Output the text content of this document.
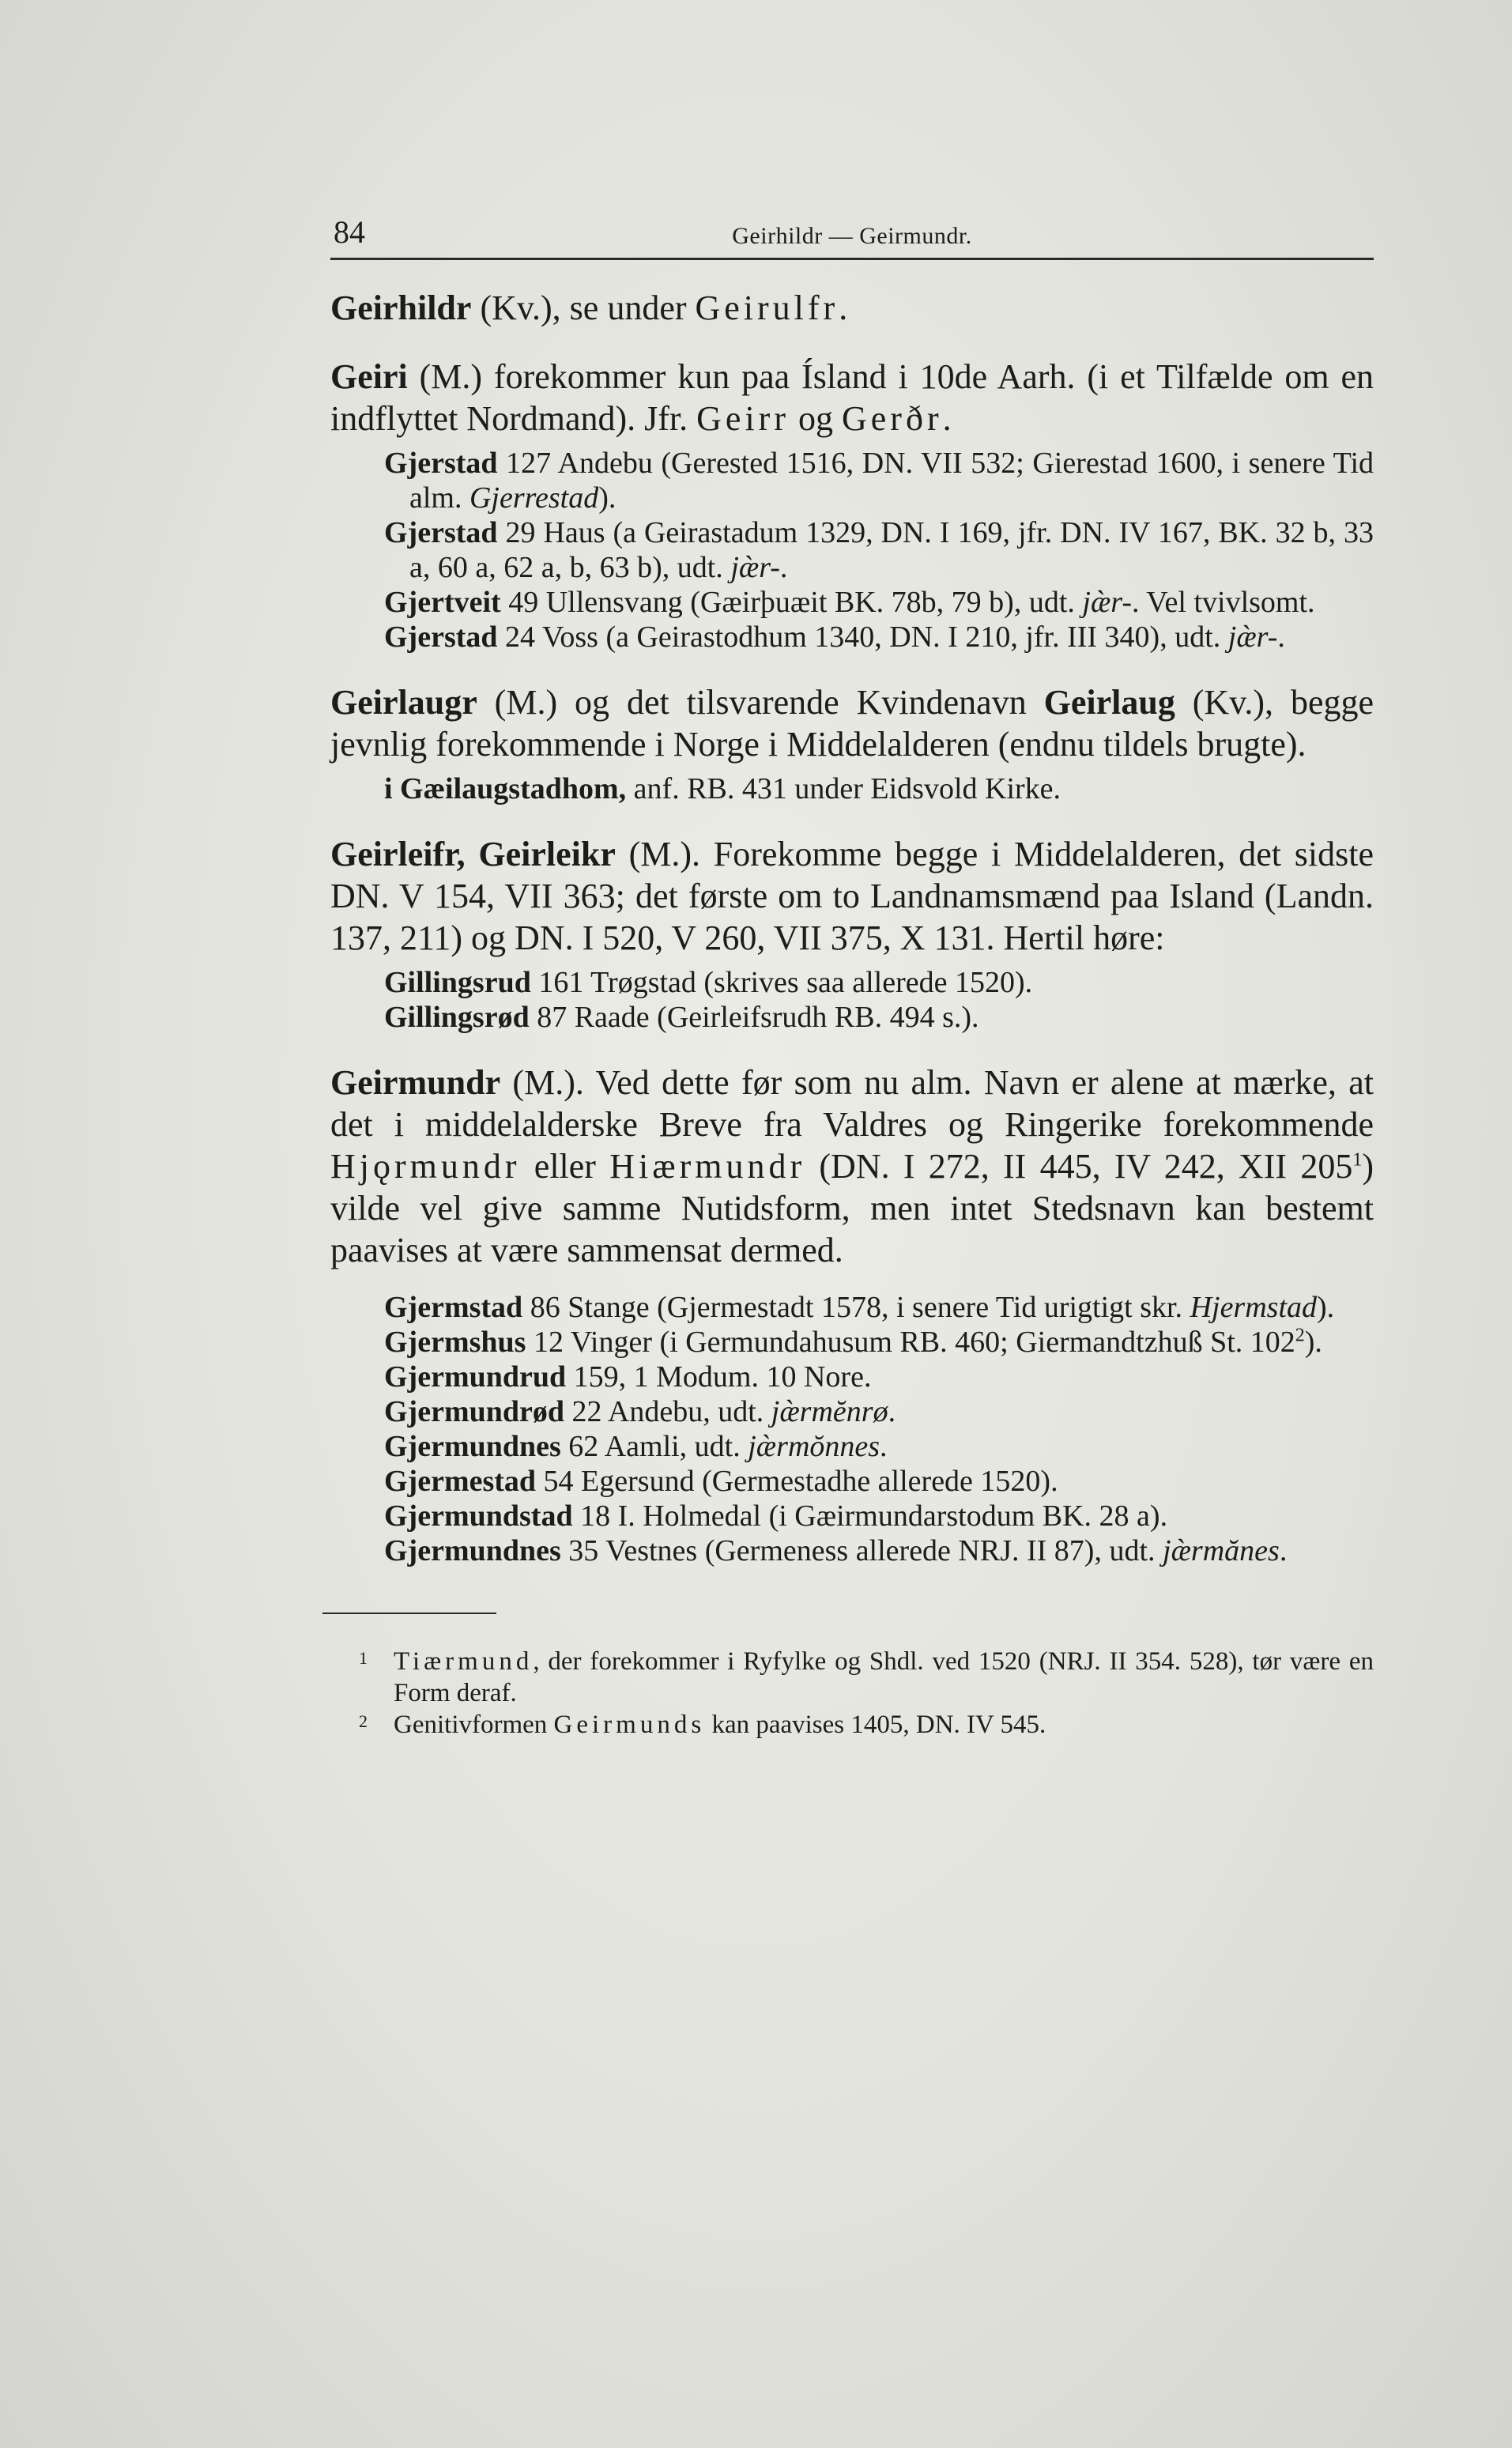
84	Geirhildr — Geirmundr.
Geirhildr (Kv.), se under Geirulfr.
Geiri (M.) forekommer kun paa Ísland i 10de Aarh. (i et Tilfælde om en indflyttet Nordmand). Jfr. Geirr og Gerðr.
Gjerstad 127 Andebu (Gerested 1516, DN. VII 532; Gierestad 1600, i senere Tid alm. Gjerrestad).
Gjerstad 29 Haus (a Geirastadum 1329, DN. I 169, jfr. DN. IV 167, BK. 32 b, 33 a, 60 a, 62 a, b, 63 b), udt. jæ̀r-.
Gjertveit 49 Ullensvang (Gæirþuæit BK. 78b, 79 b), udt. jæ̀r-. Vel tvivlsomt.
Gjerstad 24 Voss (a Geirastodhum 1340, DN. I 210, jfr. III 340), udt. jæ̀r-.
Geirlaugr (M.) og det tilsvarende Kvindenavn Geirlaug (Kv.), begge jevnlig forekommende i Norge i Middelalderen (endnu tildels brugte).
i Gæilaugstadhom, anf. RB. 431 under Eidsvold Kirke.
Geirleifr, Geirleikr (M.). Forekomme begge i Middelalderen, det sidste DN. V 154, VII 363; det første om to Landnamsmænd paa Island (Landn. 137, 211) og DN. I 520, V 260, VII 375, X 131. Hertil høre:
Gillingsrud 161 Trøgstad (skrives saa allerede 1520).
Gillingsrød 87 Raade (Geirleifsrudh RB. 494 s.).
Geirmundr (M.). Ved dette før som nu alm. Navn er alene at mærke, at det i middelalderske Breve fra Valdres og Ringerike forekommende Hjǫrmundr eller Hiærmundr (DN. I 272, II 445, IV 242, XII $205^1$) vilde vel give samme Nutidsform, men intet Stedsnavn kan bestemt paavises at være sammensat dermed.
Gjermstad 86 Stange (Gjermestadt 1578, i senere Tid urigtigt skr. Hjermstad).
Gjermshus 12 Vinger (i Germundahusum RB. 460; Giermandtzhuß St. $102^2$).
Gjermundrud 159, 1 Modum. 10 Nore.
Gjermundrød 22 Andebu, udt. jæ̀rmĕnrø.
Gjermundnes 62 Aamli, udt. jæ̀rmŏnnes.
Gjermestad 54 Egersund (Germestadhe allerede 1520).
Gjermundstad 18 I. Holmedal (i Gæirmundarstodum BK. 28 a).
Gjermundnes 35 Vestnes (Germeness allerede NRJ. II 87), udt. jæ̀rmănes.
1 Tiærmund, der forekommer i Ryfylke og Shdl. ved 1520 (NRJ. II 354. 528), tør være en Form deraf.
2 Genitivformen Geirmunds kan paavises 1405, DN. IV 545.
